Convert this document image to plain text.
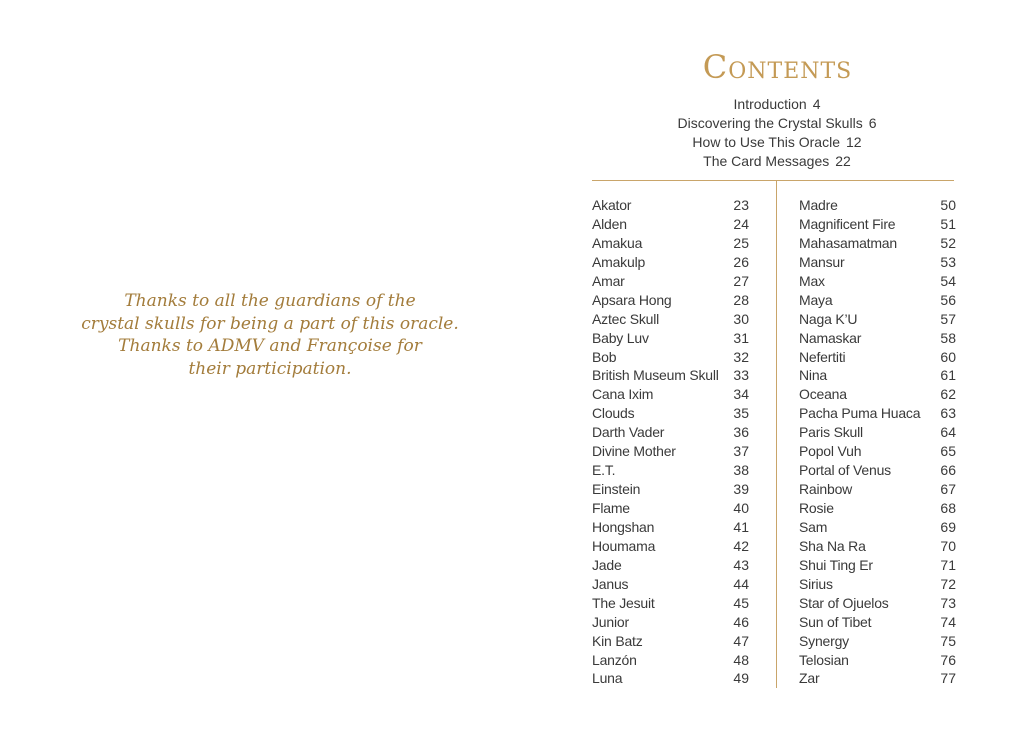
Thanks to all the guardians of the
crystal skulls for being a part of this oracle.
Thanks to ADMV and Françoise for
their participation.
Contents
Introduction 4
Discovering the Crystal Skulls 6
How to Use This Oracle 12
The Card Messages 22
Akator	23
Alden	24
Amakua	25
Amakulp	26
Amar	27
Apsara Hong	28
Aztec Skull	30
Baby Luv	31
Bob	32
British Museum Skull 33
Cana Ixim	34
Clouds	35
Darth Vader	36
Divine Mother	37
E.T.	38
Einstein	39
Flame	40
Hongshan	41
Houmama	42
Jade	43
Janus	44
The Jesuit	45
Junior	46
Kin Batz	47
Lanzón	48
Luna	49
Madre	50
Magnificent Fire	51
Mahasamatman	52
Mansur	53
Max	54
Maya	56
Naga K’U	57
Namaskar	58
Nefertiti	60
Nina	61
Oceana	62
Pacha Puma Huaca 63
Paris Skull	64
Popol Vuh	65
Portal of Venus	66
Rainbow	67
Rosie	68
Sam	69
Sha Na Ra	70
Shui Ting Er	71
Sirius	72
Star of Ojuelos	73
Sun of Tibet	74
Synergy	75
Telosian	76
Zar	77
